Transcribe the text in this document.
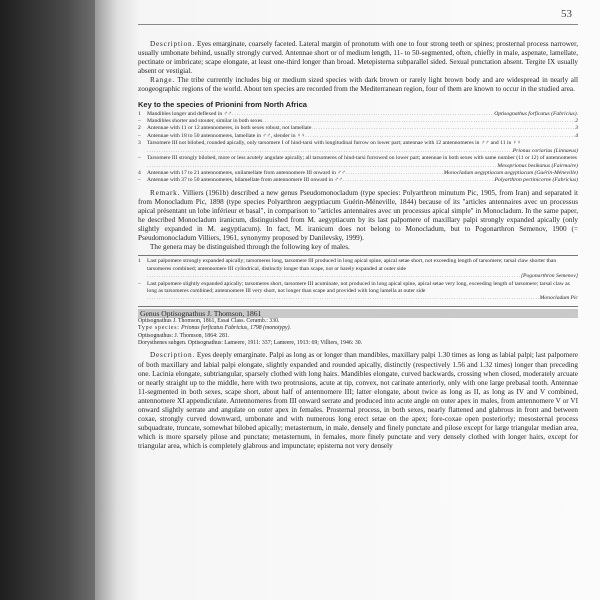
53

Description. Eyes emarginate, coarsely faceted. Lateral margin of pronotum with one to four strong teeth or spines; prosternal process narrower, usually umbonate behind, usually strongly curved. Antennae short or of medium length, 11- to 50-segmented, often, chiefly in male, aspenate, lamellate, pectinate or imbricate; scape elongate, at least one-third longer than broad. Metepisterna subparallel sided. Sexual punctation absent. Tergite IX usually absent or vestigial.

Range. The tribe currently includes big or medium sized species with dark brown or rarely light brown body and are widespread in nearly all zoogeographic regions of the world. About ten species are recorded from the Mediterranean region, four of them are known to occur in the studied area.

Key to the species of Prionini from North Africa

1	Mandibles longer and deflexed in ♂♂ .....	Optisognathus forficatus (Fabricius).
–	Mandibles shorter and stouter, similar in both sexes .....	2
2	Antennae with 11 or 12 antennomeres, in both sexes robust, not lamellate .....	3
–	Antennae with 18 to 50 antennomeres, lamellate in ♂♂, slender in ♀♀ .....	4
3	Tarsomere III not bilobed, rounded apically, only tarsomere I of hind-tarsi with longitudinal furrow on lower part; antennae with 12 antennomeres in ♂♂ and 11 in ♀♀
.....
Prionus coriarius (Linnaeus)
–	Tarsomere III strongly bilobed, more or less acutely angulate apically; all tarsomeres of hind-tarsi furrowed on lower part; antennae in both sexes with same number (11 or 12) of antennomeres
.....
Mesoprionus besikanus (Fairmaire)
4	Antennae with 17 to 21 antennomeres, unilamellate from antennomere III onward in ♂♂ .....	Monocladum aegyptiacum aegyptiacum (Guérin-Méneville)
–	Antennae with 37 to 50 antennomeres, bilamellate from antennomere III onward in ♂♂ .....	Polyarthron pectinicorne (Fabricius)

Remark. Villiers (1961b) described a new genus Pseudomonocladum (type species: Polyarthron minutum Pic, 1905, from Iran) and separated it from Monocladum Pic, 1898 (type species Polyarthron aegyptiacum Guérin-Méneville, 1844) because of its "articles antennaires avec un processus apical présentant un lobe inférieur et basal", in comparison to "articles antennaires avec un processus apical simple" in Monocladum. In the same paper, he described Monocladum iranicum, distinguished from M. aegyptiacum by its last palpomere of maxillary palpi strongly expanded apically (only slightly expanded in M. aegyptiacum). In fact, M. iranicum does not belong to Monocladum, but to Pogonarthron Semenov, 1900 (= Pseudomonocladum Villiers, 1961, synonymy proposed by Danilevsky, 1999).

The genera may be distinguished through the following key of males.

1	Last palpomere strongly expanded apically; tarsomeres long, tarsomere III produced in long apical spine, apical setae short, not exceeding length of tarsomere; tarsal claw shorter than tarsomeres combined; antennomere III cylindrical, distinctly longer than scape, not or barely expanded at outer side
.....
[Pogonarthron Semenov]
–	Last palpomere slightly expanded apically; tarsomeres short, tarsomere III acuminate, not produced in long apical spine, apical setae very long, exceeding length of tarsomere; tarsal claw as long as tarsomeres combined; antennomere III very short, not longer than scape and provided with long lamella at outer side
.....
Monocladum Pic
Genus Optisognathus J. Thomson, 1861

Optisognathus J. Thomson, 1861, Essai Class. Ceramb.: 330.

Type species: Prionus forficatus Fabricius, 1798 (monotypy).

Optisognathus: J. Thomson, 1864: 281.

Dorysthenes subgen. Optisognathus: Lameere, 1911: 337; Lameere, 1913: 69; Villiers, 1946: 30.

Description. Eyes deeply emarginate. Palpi as long as or longer than mandibles, maxillary palpi 1.30 times as long as labial palpi; last palpomere of both maxillary and labial palpi elongate, slightly expanded and rounded apically, distinctly (respectively 1.56 and 1.32 times) longer than preceding one. Lacinia elongate, subtriangular, sparsely clothed with long hairs. Mandibles elongate, curved backwards, crossing when closed, moderately arcuate or nearly straight up to the middle, here with two protrusions, acute at tip, convex, not carinate anteriorly, only with one large prebasal tooth. Antennae 11-segmented in both sexes, scape short, about half of antennomere III; latter elongate, about twice as long as II, as long as IV and V combined, antennomere XI appendiculate. Antennomeres from III onward serrate and produced into acute angle on outer apex in males, from antennomere V or VI onward slightly serrate and angulate on outer apex in females. Prosternal process, in both sexes, nearly flattened and glabrous in front and between coxae, strongly curved downward, umbonate and with numerous long erect setae on the apex; fore-coxae open posteriorly; mesosternal process subquadrate, truncate, somewhat bilobed apically; metasternum, in male, densely and finely punctate and pilose except for large triangular median area, which is more sparsely pilose and punctate; metasternum, in females, more finely punctate and very densely clothed with longer hairs, except for triangular area, which is completely glabrous and impunctate; episterna not very densely
